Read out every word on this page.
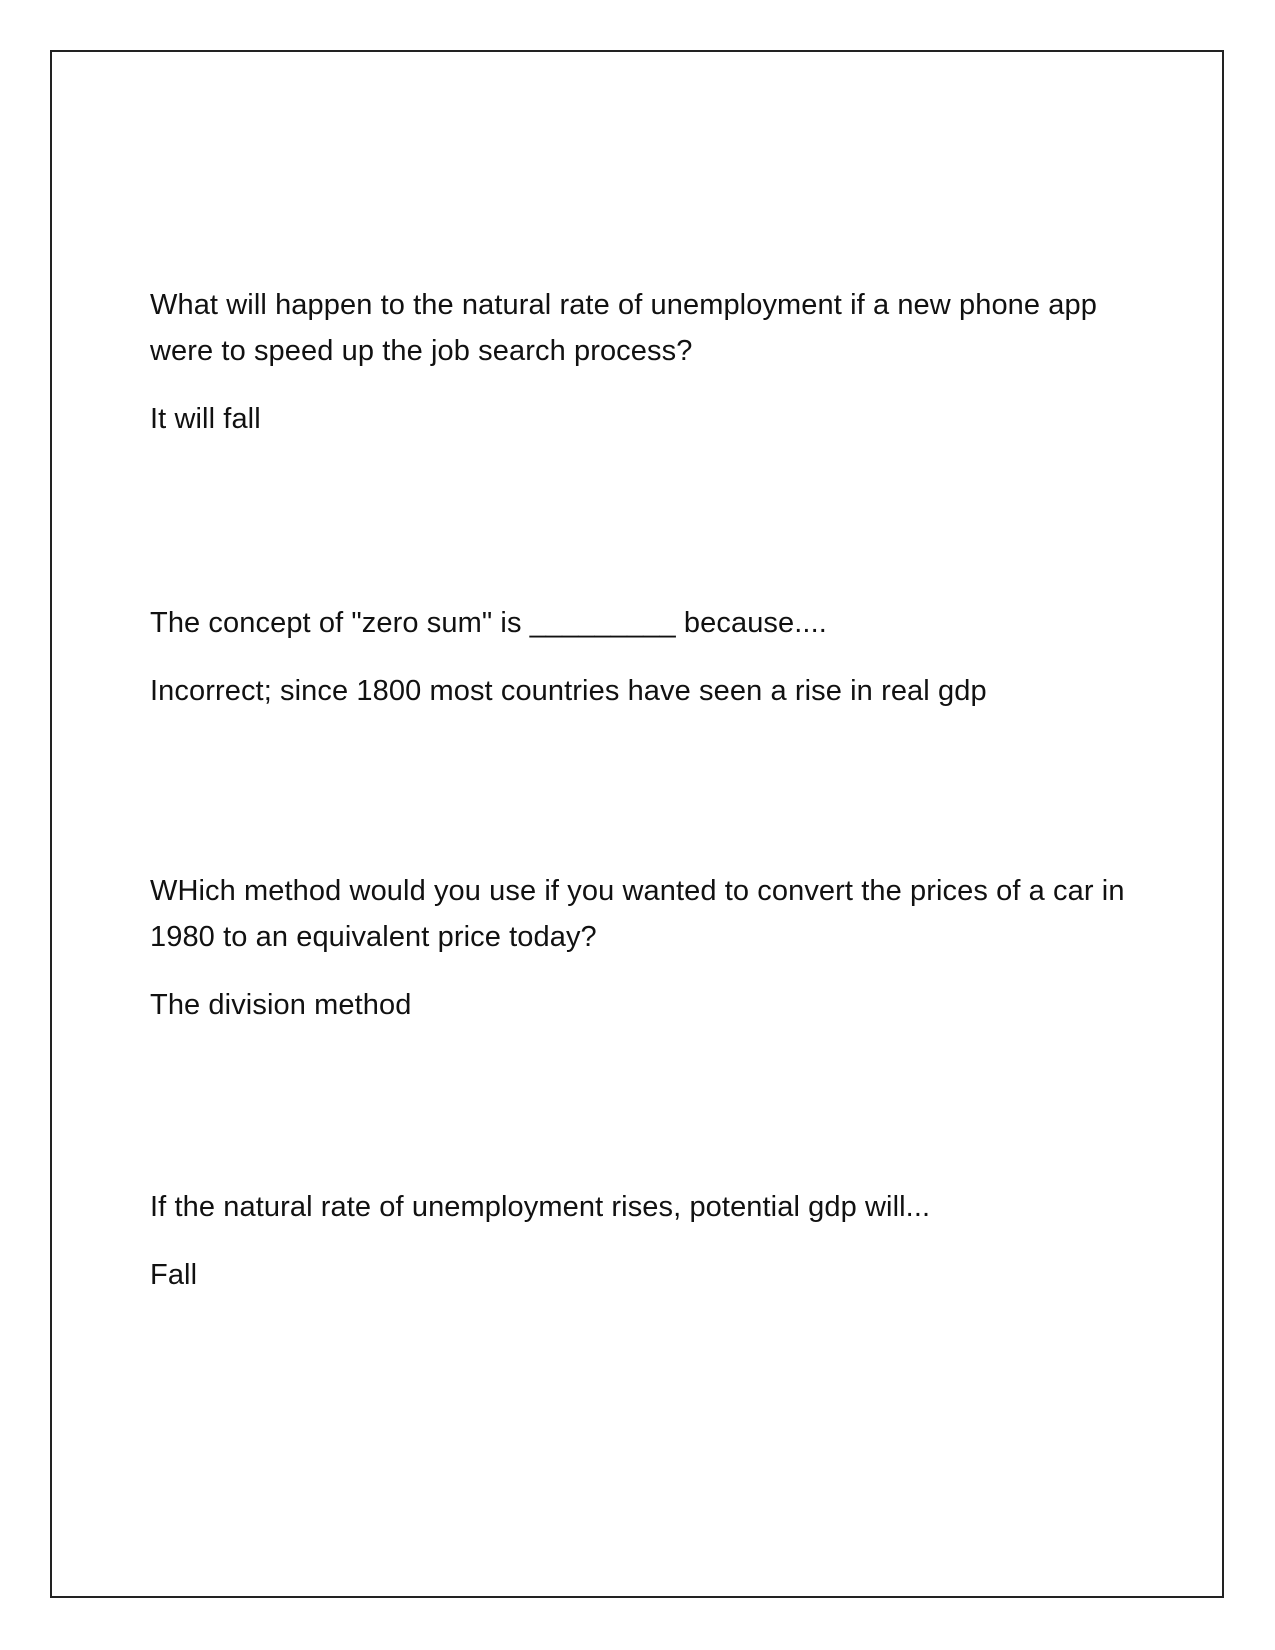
What will happen to the natural rate of unemployment if a new phone app were to speed up the job search process?

It will fall

The concept of "zero sum" is _________ because....

Incorrect; since 1800 most countries have seen a rise in real gdp

WHich method would you use if you wanted to convert the prices of a car in 1980 to an equivalent price today?

The division method

If the natural rate of unemployment rises, potential gdp will...

Fall
